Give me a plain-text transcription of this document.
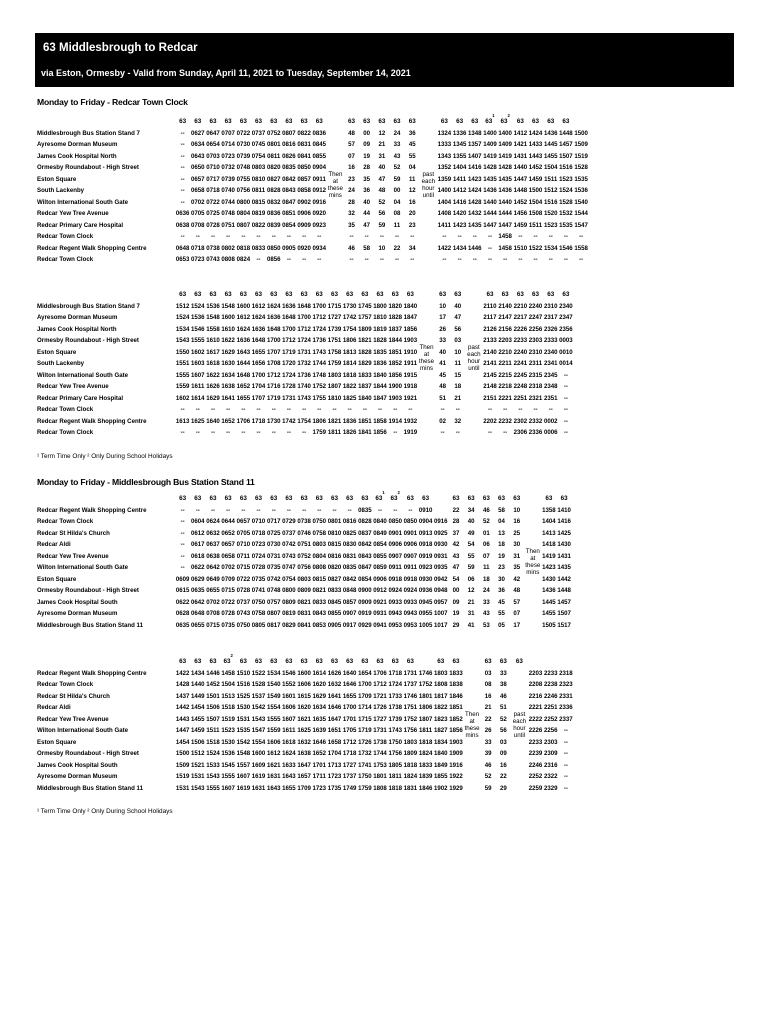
63 Middlesbrough to Redcar
via Eston, Ormesby - Valid from Sunday, April 11, 2021 to Tuesday, September 14, 2021
Monday to Friday - Redcar Town Clock
	63	63	63	63	63	63	63	63	63	63		63	63	63	63	63		63	63	63	$63^1$	$63^2$	63	63	63	63	
Middlesbrough Bus Station Stand 7	--	0627	0647	0707	0722	0737	0752	0807	0822	0836		48	00	12	24	36		1324	1336	1348	1400	1400	1412	1424	1436	1448	1500
Ayresome Dorman Museum	--	0634	0654	0714	0730	0745	0801	0816	0831	0845		57	09	21	33	45		1333	1345	1357	1409	1409	1421	1433	1445	1457	1509
James Cook Hospital North	--	0643	0703	0723	0739	0754	0811	0826	0841	0855		07	19	31	43	55		1343	1355	1407	1419	1419	1431	1443	1455	1507	1519
Ormesby Roundabout - High Street	--	0650	0710	0732	0748	0803	0820	0835	0850	0904	Then at these mins	16	28	40	52	04	past each hour until	1352	1404	1416	1428	1428	1440	1452	1504	1516	1528
Eston Square	--	0657	0717	0739	0755	0810	0827	0842	0857	0911		23	35	47	59	11		1359	1411	1423	1435	1435	1447	1459	1511	1523	1535
South Lackenby	--	0658	0718	0740	0756	0811	0828	0843	0858	0912		24	36	48	00	12		1400	1412	1424	1436	1436	1448	1500	1512	1524	1536
Wilton International South Gate	--	0702	0722	0744	0800	0815	0832	0847	0902	0916		28	40	52	04	16		1404	1416	1428	1440	1440	1452	1504	1516	1528	1540
Redcar Yew Tree Avenue	0636	0705	0725	0748	0804	0819	0836	0851	0906	0920		32	44	56	08	20		1408	1420	1432	1444	1444	1456	1508	1520	1532	1544
Redcar Primary Care Hospital	0638	0708	0728	0751	0807	0822	0839	0854	0909	0923		35	47	59	11	23		1411	1423	1435	1447	1447	1459	1511	1523	1535	1547
Redcar Town Clock	--	--	--	--	--	--	--	--	--	--		--	--	--	--	--		--	--	--	--	1458	--	--	--	--	--
Redcar Regent Walk Shopping Centre	0648	0718	0738	0802	0818	0833	0850	0905	0920	0934		46	58	10	22	34		1422	1434	1446	--	1458	1510	1522	1534	1546	1558
Redcar Town Clock	0653	0723	0743	0808	0824	--	0856	--	--	--		--	--	--	--	--		--	--	--	--	--	--	--	--	--	--
	63	63	63	63	63	63	63	63	63	63	63	63	63	63	63	63		63	63		63	63	63	63	63	63
Middlesbrough Bus Station Stand 7	1512	1524	1536	1548	1600	1612	1624	1636	1648	1700	1715	1730	1745	1800	1820	1840		10	40		2110	2140	2210	2240	2310	2340
Ayresome Dorman Museum	1524	1536	1548	1600	1612	1624	1636	1648	1700	1712	1727	1742	1757	1810	1828	1847		17	47		2117	2147	2217	2247	2317	2347
James Cook Hospital North	1534	1546	1558	1610	1624	1636	1648	1700	1712	1724	1739	1754	1809	1819	1837	1856		26	56		2126	2156	2226	2256	2326	2356
Ormesby Roundabout - High Street	1543	1555	1610	1622	1636	1648	1700	1712	1724	1736	1751	1806	1821	1828	1844	1903	Then at these mins	33	03	past each hour until	2133	2203	2233	2303	2333	0003
Eston Square	1550	1602	1617	1629	1643	1655	1707	1719	1731	1743	1758	1813	1828	1835	1851	1910		40	10		2140	2210	2240	2310	2340	0010
South Lackenby	1551	1603	1618	1630	1644	1656	1708	1720	1732	1744	1759	1814	1829	1836	1852	1911		41	11		2141	2211	2241	2311	2341	0014
Wilton International South Gate	1555	1607	1622	1634	1648	1700	1712	1724	1736	1748	1803	1818	1833	1840	1856	1915		45	15		2145	2215	2245	2315	2345	--
Redcar Yew Tree Avenue	1559	1611	1626	1638	1652	1704	1716	1728	1740	1752	1807	1822	1837	1844	1900	1918		48	18		2148	2218	2248	2318	2348	--
Redcar Primary Care Hospital	1602	1614	1629	1641	1655	1707	1719	1731	1743	1755	1810	1825	1840	1847	1903	1921		51	21		2151	2221	2251	2321	2351	--
Redcar Town Clock	--	--	--	--	--	--	--	--	--	--	--	--	--	--	--	--		--	--		--	--	--	--	--	--
Redcar Regent Walk Shopping Centre	1613	1625	1640	1652	1706	1718	1730	1742	1754	1806	1821	1836	1851	1858	1914	1932		02	32		2202	2232	2302	2332	0002	--
Redcar Town Clock	--	--	--	--	--	--	--	--	--	1759	1811	1826	1841	1856	--	1919		--	--		--	--	2306	2336	0006	--
¹ Term Time Only ² Only During School Holidays
Monday to Friday - Middlesbrough Bus Station Stand 11
	63	63	63	63	63	63	63	63	63	63	63	63	63	$63^1$	$63^2$	63	63		63	63	63	63	63		63	63
Redcar Regent Walk Shopping Centre	--	--	--	--	--	--	--	--	--	--	--	--	0835	--	--	--	0910		22	34	46	58	10		1358	1410
Redcar Town Clock	--	0604	0624	0644	0657	0710	0717	0729	0738	0750	0801	0816	0828	0840	0850	0850	0904	0916	28	40	52	04	16		1404	1416
Redcar St Hilda's Church	--	0612	0632	0652	0705	0718	0725	0737	0746	0758	0810	0825	0837	0849	0901	0901	0913	0925	37	49	01	13	25		1413	1425
Redcar Aldi	--	0617	0637	0657	0710	0723	0730	0742	0751	0803	0815	0830	0842	0854	0906	0906	0918	0930	42	54	06	18	30	Then at these mins	1418	1430
Redcar Yew Tree Avenue	--	0618	0638	0658	0711	0724	0731	0743	0752	0804	0816	0831	0843	0855	0907	0907	0919	0931	43	55	07	19	31		1419	1431
Wilton International South Gate	--	0622	0642	0702	0715	0728	0735	0747	0756	0808	0820	0835	0847	0859	0911	0911	0923	0935	47	59	11	23	35		1423	1435
Eston Square	0609	0629	0649	0709	0722	0735	0742	0754	0803	0815	0827	0842	0854	0906	0918	0918	0930	0942	54	06	18	30	42		1430	1442
Ormesby Roundabout - High Street	0615	0635	0655	0715	0728	0741	0748	0800	0809	0821	0833	0848	0900	0912	0924	0924	0936	0948	00	12	24	36	48		1436	1448
James Cook Hospital South	0622	0642	0702	0722	0737	0750	0757	0809	0821	0833	0845	0857	0909	0921	0933	0933	0945	0957	09	21	33	45	57		1445	1457
Ayresome Dorman Museum	0628	0648	0708	0728	0743	0758	0807	0819	0831	0843	0855	0907	0919	0931	0943	0943	0955	1007	19	31	43	55	07		1455	1507
Middlesbrough Bus Station Stand 11	0635	0655	0715	0735	0750	0805	0817	0829	0841	0853	0905	0917	0929	0941	0953	0953	1005	1017	29	41	53	05	17		1505	1517
	63	63	63	$63^2$	63	63	63	63	63	63	63	63	63	63	63	63		63	63		63	63	63			
Redcar Regent Walk Shopping Centre	1422	1434	1446	1458	1510	1522	1534	1546	1600	1614	1626	1640	1654	1706	1718	1731	1746	1803	1833		03	33		2203	2233	2318
Redcar Town Clock	1428	1440	1452	1504	1516	1528	1540	1552	1606	1620	1632	1646	1700	1712	1724	1737	1752	1808	1838		08	38		2208	2238	2323
Redcar St Hilda's Church	1437	1449	1501	1513	1525	1537	1549	1601	1615	1629	1641	1655	1709	1721	1733	1746	1801	1817	1846		16	46		2216	2246	2331
Redcar Aldi	1442	1454	1506	1518	1530	1542	1554	1606	1620	1634	1646	1700	1714	1726	1738	1751	1806	1822	1851	Then at these mins	21	51	past each hour until	2221	2251	2336
Redcar Yew Tree Avenue	1443	1455	1507	1519	1531	1543	1555	1607	1621	1635	1647	1701	1715	1727	1739	1752	1807	1823	1852		22	52		2222	2252	2337
Wilton International South Gate	1447	1459	1511	1523	1535	1547	1559	1611	1625	1639	1651	1705	1719	1731	1743	1756	1811	1827	1856		26	56		2226	2256	--
Eston Square	1454	1506	1518	1530	1542	1554	1606	1618	1632	1646	1658	1712	1726	1738	1750	1803	1818	1834	1903		33	03		2233	2303	--
Ormesby Roundabout - High Street	1500	1512	1524	1536	1548	1600	1612	1624	1638	1652	1704	1718	1732	1744	1756	1809	1824	1840	1909		39	09		2239	2309	--
James Cook Hospital South	1509	1521	1533	1545	1557	1609	1621	1633	1647	1701	1713	1727	1741	1753	1805	1818	1833	1849	1916		46	16		2246	2316	--
Ayresome Dorman Museum	1519	1531	1543	1555	1607	1619	1631	1643	1657	1711	1723	1737	1750	1801	1811	1824	1839	1855	1922		52	22		2252	2322	--
Middlesbrough Bus Station Stand 11	1531	1543	1555	1607	1619	1631	1643	1655	1709	1723	1735	1749	1759	1808	1818	1831	1846	1902	1929		59	29		2259	2329	--
¹ Term Time Only ² Only During School Holidays
